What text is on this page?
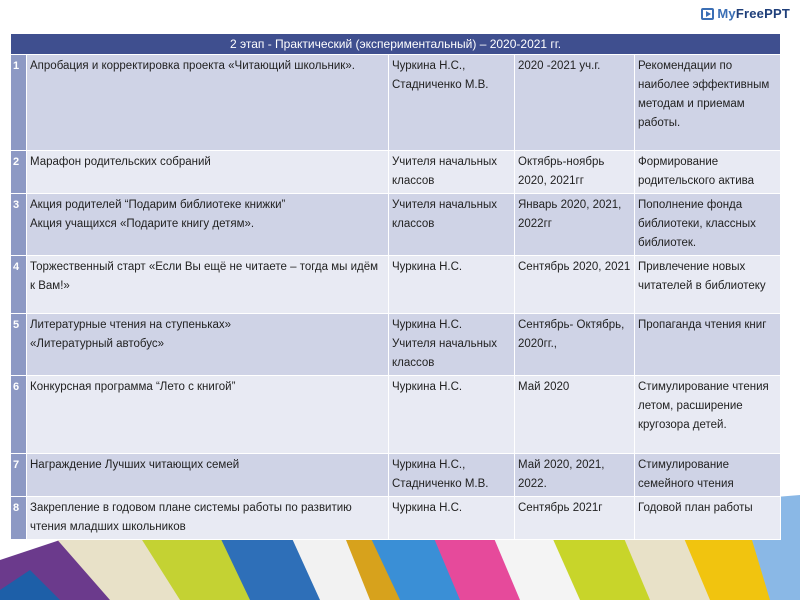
MyFreePPT
2 этап - Практический (экспериментальный) – 2020-2021 гг.				
1	Апробация и корректировка проекта «Читающий школьник».	Чуркина Н.С.,
Стадниченко М.В.	2020 -2021 уч.г.	Рекомендации по наиболее эффективным методам и приемам работы.
2	Марафон родительских собраний	Учителя начальных классов	Октябрь-ноябрь 2020, 2021гг	Формирование родительского актива
3	Акция родителей “Подарим библиотеке книжки”
Акция учащихся «Подарите книгу детям».	Учителя начальных классов	Январь 2020, 2021, 2022гг	Пополнение фонда библиотеки, классных библиотек.
4	Торжественный старт «Если Вы ещё не читаете – тогда мы идём к Вам!»	Чуркина Н.С.	Сентябрь 2020, 2021	Привлечение новых читателей в библиотеку
5	Литературные чтения на ступеньках»
«Литературный автобус»	Чуркина Н.С.
Учителя начальных классов	Сентябрь- Октябрь, 2020гг.,	Пропаганда чтения книг
6	Конкурсная программа “Лето с книгой”	Чуркина Н.С.	Май 2020	Стимулирование чтения летом, расширение кругозора детей.
7	Награждение Лучших читающих семей	Чуркина Н.С.,
Стадниченко М.В.	Май 2020, 2021, 2022.	Стимулирование семейного чтения
8	Закрепление в годовом плане системы работы по развитию чтения младших школьников	Чуркина Н.С.	Сентябрь 2021г	Годовой план работы
